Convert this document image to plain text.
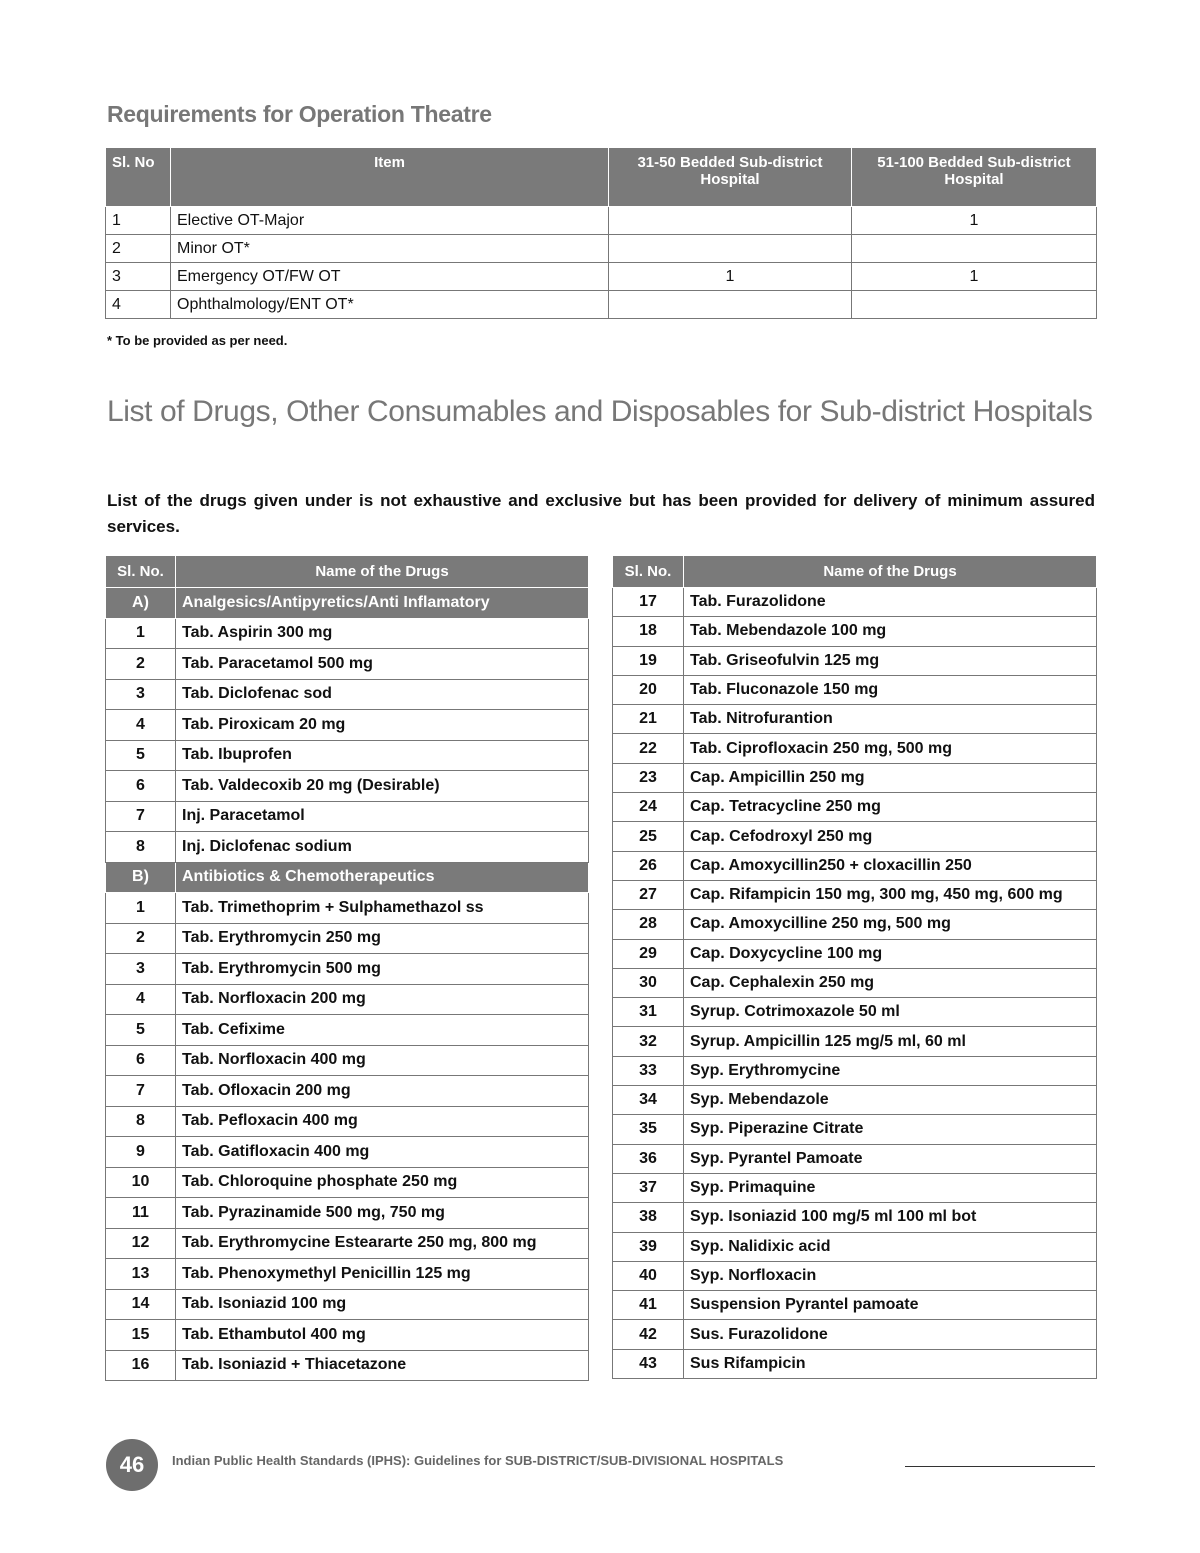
Requirements for Operation Theatre
Sl. No	Item	31-50 Bedded Sub-district Hospital	51-100 Bedded Sub-district Hospital
1	Elective OT-Major		1
2	Minor OT*		
3	Emergency OT/FW OT	1	1
4	Ophthalmology/ENT OT*		
* To be provided as per need.
List of Drugs, Other Consumables and Disposables for Sub-district Hospitals
List of the drugs given under is not exhaustive and exclusive but has been provided for delivery of minimum assured services.
Sl. No.	Name of the Drugs
A)	Analgesics/Antipyretics/Anti Inflamatory
1	Tab. Aspirin 300 mg
2	Tab. Paracetamol 500 mg
3	Tab. Diclofenac sod
4	Tab. Piroxicam 20 mg
5	Tab. Ibuprofen
6	Tab. Valdecoxib 20 mg (Desirable)
7	Inj. Paracetamol
8	Inj. Diclofenac sodium
B)	Antibiotics & Chemotherapeutics
1	Tab. Trimethoprim + Sulphamethazol ss
2	Tab. Erythromycin 250 mg
3	Tab. Erythromycin 500 mg
4	Tab. Norfloxacin 200 mg
5	Tab. Cefixime
6	Tab. Norfloxacin 400 mg
7	Tab. Ofloxacin 200 mg
8	Tab. Pefloxacin 400 mg
9	Tab. Gatifloxacin 400 mg
10	Tab. Chloroquine phosphate 250 mg
11	Tab. Pyrazinamide 500 mg, 750 mg
12	Tab. Erythromycine Esteararte 250 mg, 800 mg
13	Tab. Phenoxymethyl Penicillin 125 mg
14	Tab. Isoniazid 100 mg
15	Tab. Ethambutol 400 mg
16	Tab. Isoniazid + Thiacetazone
Sl. No.	Name of the Drugs
17	Tab. Furazolidone
18	Tab. Mebendazole 100 mg
19	Tab. Griseofulvin 125 mg
20	Tab. Fluconazole 150 mg
21	Tab. Nitrofurantion
22	Tab. Ciprofloxacin 250 mg, 500 mg
23	Cap. Ampicillin 250 mg
24	Cap. Tetracycline 250 mg
25	Cap. Cefodroxyl 250 mg
26	Cap. Amoxycillin250 + cloxacillin 250
27	Cap. Rifampicin 150 mg, 300 mg, 450 mg, 600 mg
28	Cap. Amoxycilline 250 mg, 500 mg
29	Cap. Doxycycline 100 mg
30	Cap. Cephalexin 250 mg
31	Syrup. Cotrimoxazole 50 ml
32	Syrup. Ampicillin 125 mg/5 ml, 60 ml
33	Syp. Erythromycine
34	Syp. Mebendazole
35	Syp. Piperazine Citrate
36	Syp. Pyrantel Pamoate
37	Syp. Primaquine
38	Syp. Isoniazid 100 mg/5 ml 100 ml bot
39	Syp. Nalidixic acid
40	Syp. Norfloxacin
41	Suspension Pyrantel pamoate
42	Sus. Furazolidone
43	Sus Rifampicin
46	Indian Public Health Standards (IPHS): Guidelines for SUB-DISTRICT/SUB-DIVISIONAL HOSPITALS
